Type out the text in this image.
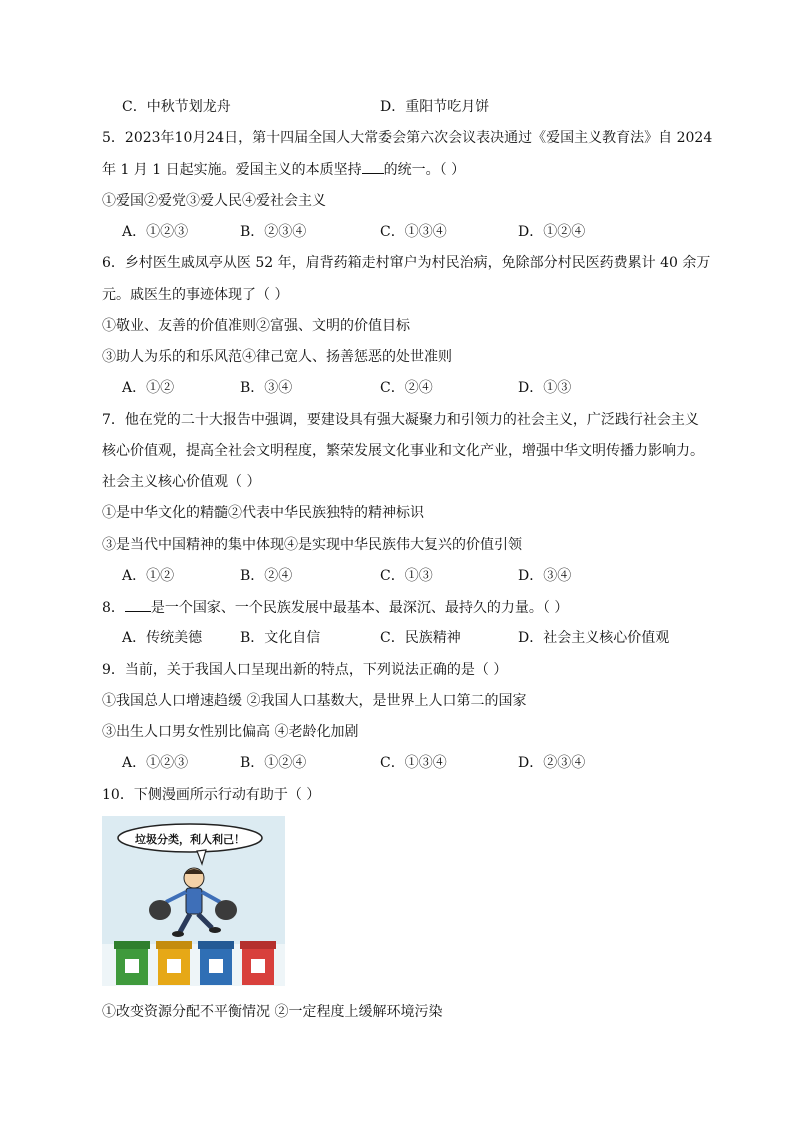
C．中秋节划龙舟	D．重阳节吃月饼
5．2023年10月24日，第十四届全国人大常委会第六次会议表决通过《爱国主义教育法》自 2024
年 1 月 1 日起实施。爱国主义的本质坚持 的统一。（ ）
①爱国②爱党③爱人民④爱社会主义
A．①②③	B．②③④	C．①③④	D．①②④
6．乡村医生戚凤亭从医 52 年，肩背药箱走村窜户为村民治病，免除部分村民医药费累计 40 余万
元。戚医生的事迹体现了（ ）
①敬业、友善的价值准则②富强、文明的价值目标
③助人为乐的和乐风范④律己宽人、扬善惩恶的处世准则
A．①②	B．③④	C．②④	D．①③
7．他在党的二十大报告中强调，要建设具有强大凝聚力和引领力的社会主义，广泛践行社会主义
核心价值观，提高全社会文明程度，繁荣发展文化事业和文化产业，增强中华文明传播力影响力。
社会主义核心价值观（ ）
①是中华文化的精髓②代表中华民族独特的精神标识
③是当代中国精神的集中体现④是实现中华民族伟大复兴的价值引领
A．①②	B．②④	C．①③	D．③④
8． 是一个国家、一个民族发展中最基本、最深沉、最持久的力量。（ ）
A．传统美德	B．文化自信	C．民族精神	D．社会主义核心价值观
9．当前，关于我国人口呈现出新的特点，下列说法正确的是（ ）
①我国总人口增速趋缓 ②我国人口基数大，是世界上人口第二的国家
③出生人口男女性别比偏高 ④老龄化加剧
A．①②③	B．①②④	C．①③④	D．②③④
10．下侧漫画所示行动有助于（ ）
垃圾分类，利人利己！
①改变资源分配不平衡情况 ②一定程度上缓解环境污染
